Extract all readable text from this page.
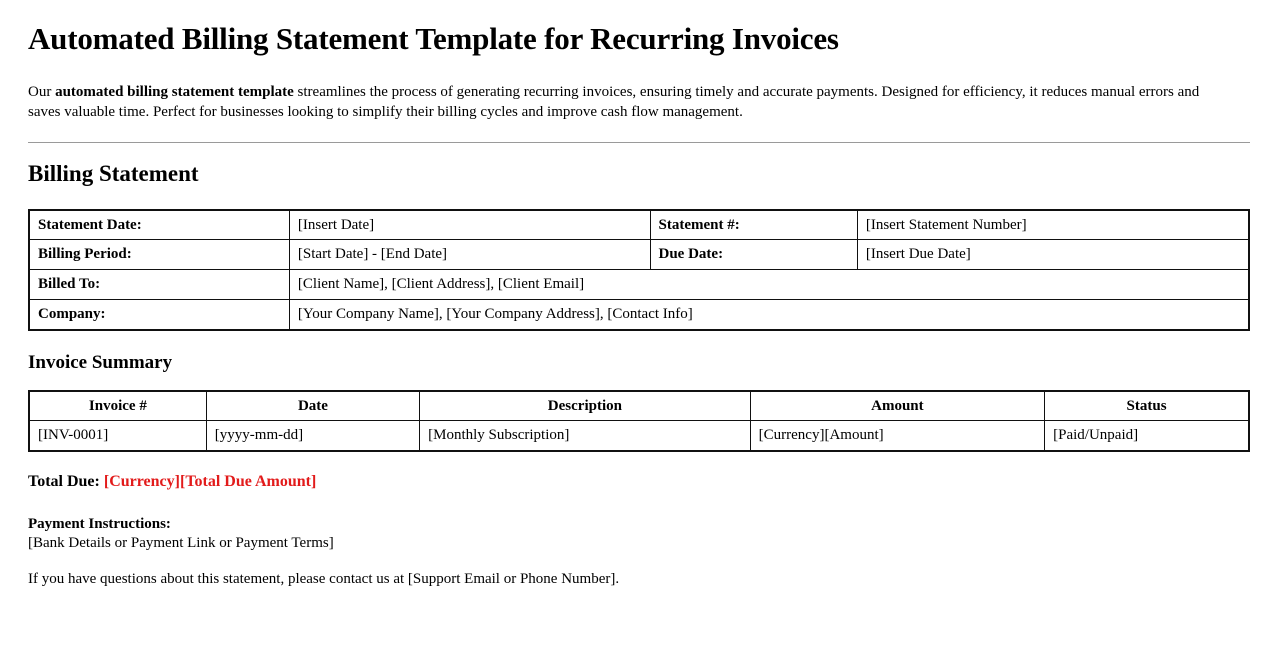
Automated Billing Statement Template for Recurring Invoices

Our automated billing statement template streamlines the process of generating recurring invoices, ensuring timely and accurate payments. Designed for efficiency, it reduces manual errors and saves valuable time. Perfect for businesses looking to simplify their billing cycles and improve cash flow management.

Billing Statement
Statement Date:	[Insert Date]	Statement #:	[Insert Statement Number]
Billing Period:	[Start Date] - [End Date]	Due Date:	[Insert Due Date]
Billed To:	[Client Name], [Client Address], [Client Email]		
Company:	[Your Company Name], [Your Company Address], [Contact Info]		
Invoice Summary
Invoice #	Date	Description	Amount	Status
[INV-0001]	[yyyy-mm-dd]	[Monthly Subscription]	[Currency][Amount]	[Paid/Unpaid]

Total Due: [Currency][Total Due Amount]

Payment Instructions:
[Bank Details or Payment Link or Payment Terms]

If you have questions about this statement, please contact us at [Support Email or Phone Number].
